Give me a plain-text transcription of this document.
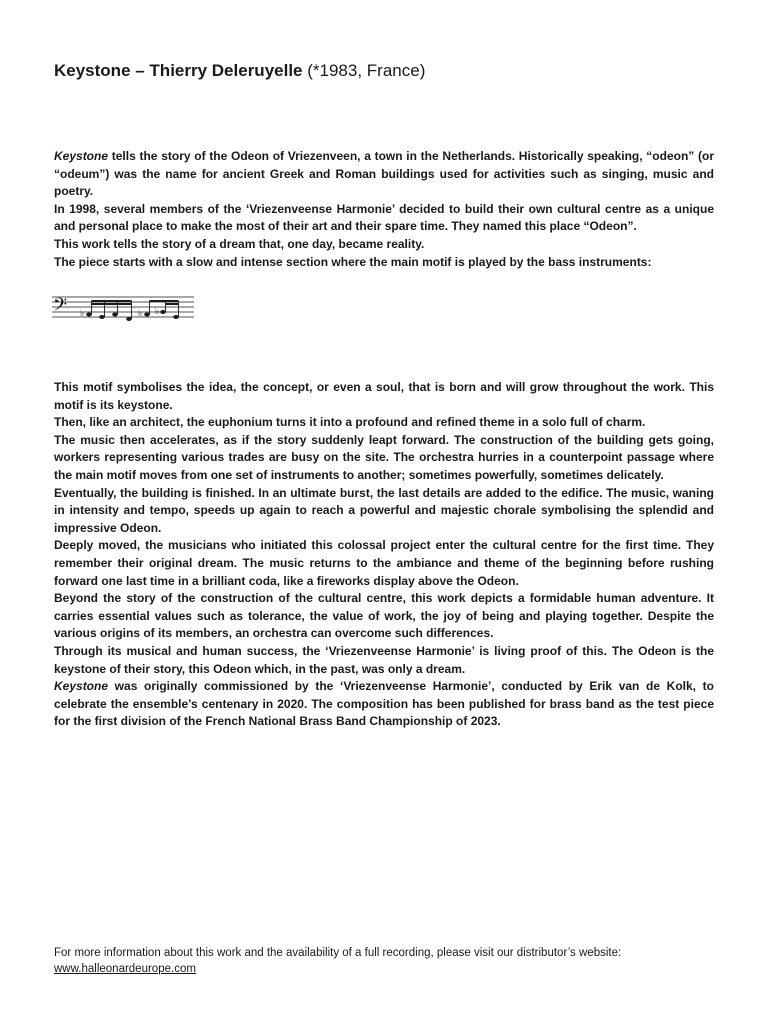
Keystone – Thierry Deleruyelle (*1983, France)

Keystone tells the story of the Odeon of Vriezenveen, a town in the Netherlands. Historically speaking, “odeon” (or “odeum”) was the name for ancient Greek and Roman buildings used for activities such as singing, music and poetry.

In 1998, several members of the ‘Vriezenveense Harmonie’ decided to build their own cultural centre as a unique and personal place to make the most of their art and their spare time. They named this place “Odeon”.

This work tells the story of a dream that, one day, became reality.

The piece starts with a slow and intense section where the main motif is played by the bass instruments:

𝄢 ♭	♭ ♭

This motif symbolises the idea, the concept, or even a soul, that is born and will grow throughout the work. This motif is its keystone.

Then, like an architect, the euphonium turns it into a profound and refined theme in a solo full of charm.

The music then accelerates, as if the story suddenly leapt forward. The construction of the building gets going, workers representing various trades are busy on the site. The orchestra hurries in a counterpoint passage where the main motif moves from one set of instruments to another; sometimes powerfully, sometimes delicately.

Eventually, the building is finished. In an ultimate burst, the last details are added to the edifice. The music, waning in intensity and tempo, speeds up again to reach a powerful and majestic chorale symbolising the splendid and impressive Odeon.

Deeply moved, the musicians who initiated this colossal project enter the cultural centre for the first time. They remember their original dream. The music returns to the ambiance and theme of the beginning before rushing forward one last time in a brilliant coda, like a fireworks display above the Odeon.

Beyond the story of the construction of the cultural centre, this work depicts a formidable human adventure. It carries essential values such as tolerance, the value of work, the joy of being and playing together. Despite the various origins of its members, an orchestra can overcome such differences.

Through its musical and human success, the ‘Vriezenveense Harmonie’ is living proof of this. The Odeon is the keystone of their story, this Odeon which, in the past, was only a dream.

Keystone was originally commissioned by the ‘Vriezenveense Harmonie’, conducted by Erik van de Kolk, to celebrate the ensemble’s centenary in 2020. The composition has been published for brass band as the test piece for the first division of the French National Brass Band Championship of 2023.

For more information about this work and the availability of a full recording, please visit our distributor’s website:
www.halleonardeurope.com
